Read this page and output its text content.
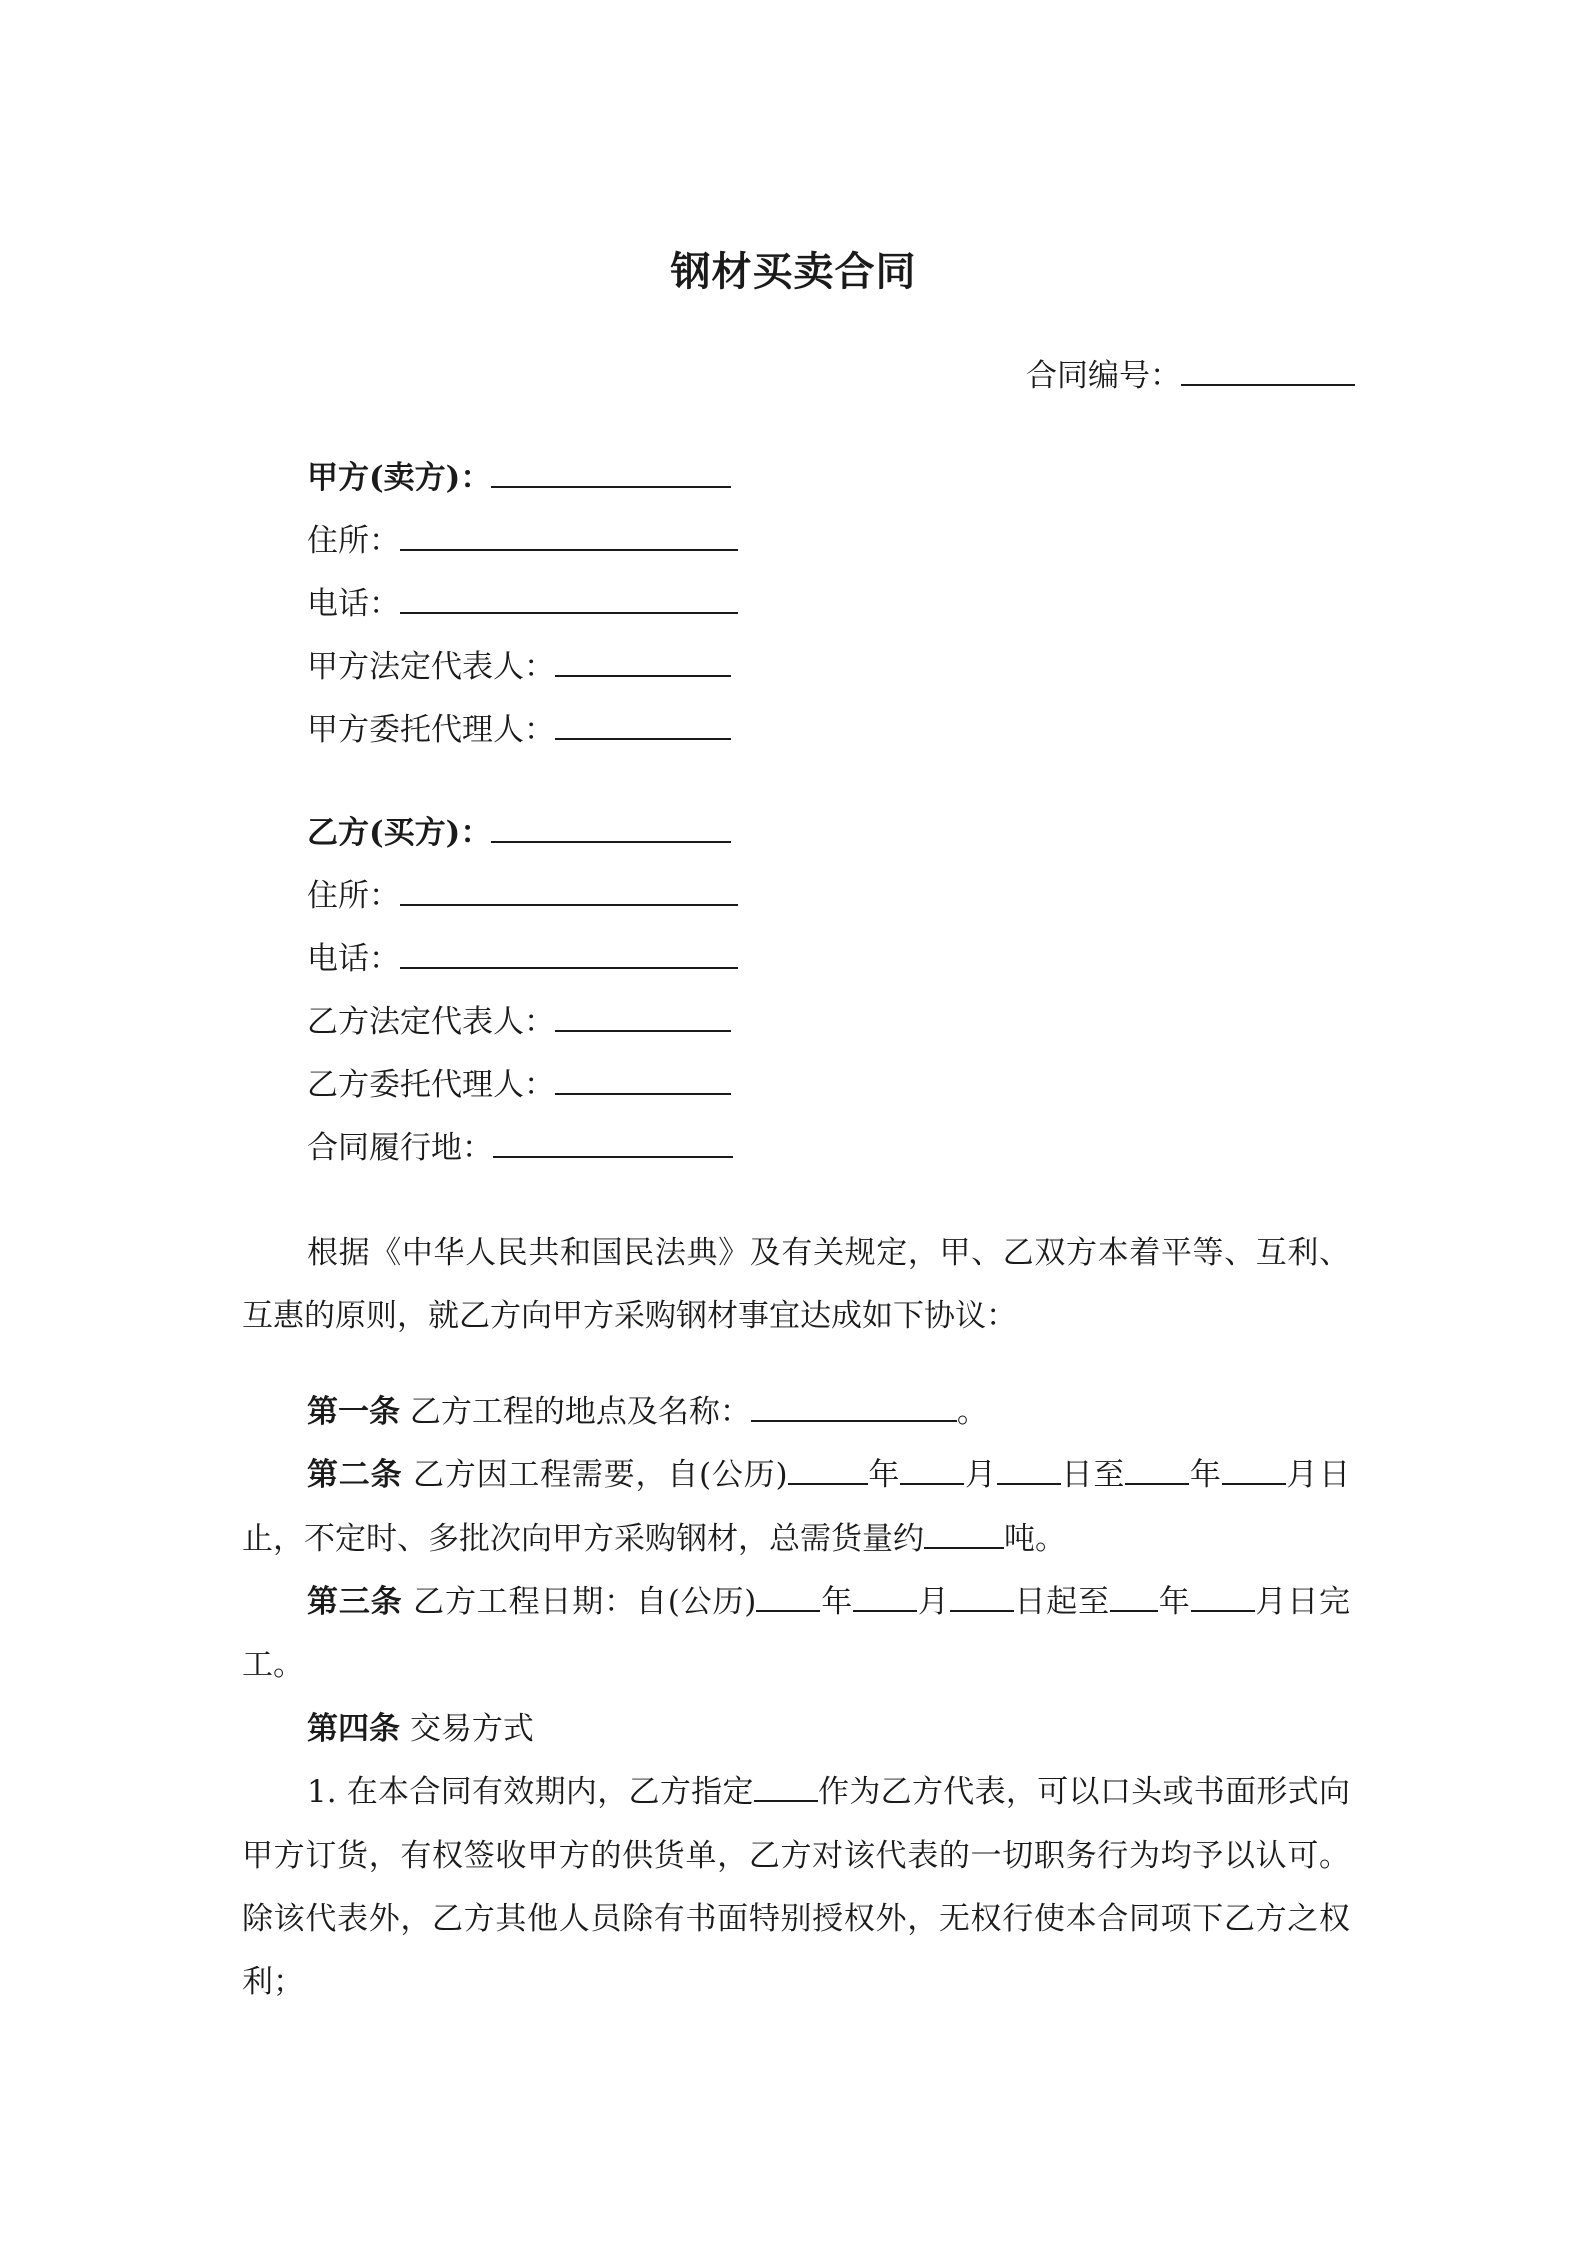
钢材买卖合同
合同编号：
甲方(卖方)：
住所：
电话：
甲方法定代表人：
甲方委托代理人：
乙方(买方)：
住所：
电话：
乙方法定代表人：
乙方委托代理人：
合同履行地：

根据《中华人民共和国民法典》及有关规定，甲、乙双方本着平等、互利、互惠的原则，就乙方向甲方采购钢材事宜达成如下协议：

第一条 乙方工程的地点及名称：	。

第二条 乙方因工程需要，自(公历)	年 月 日至 年 月日止，不定时、多批次向甲方采购钢材，总需货量约	吨。

第三条 乙方工程日期：自(公历) 年 月 日起至 年 月日完工。

第四条 交易方式

1. 在本合同有效期内，乙方指定 作为乙方代表，可以口头或书面形式向甲方订货，有权签收甲方的供货单，乙方对该代表的一切职务行为均予以认可。除该代表外，乙方其他人员除有书面特别授权外，无权行使本合同项下乙方之权利；
